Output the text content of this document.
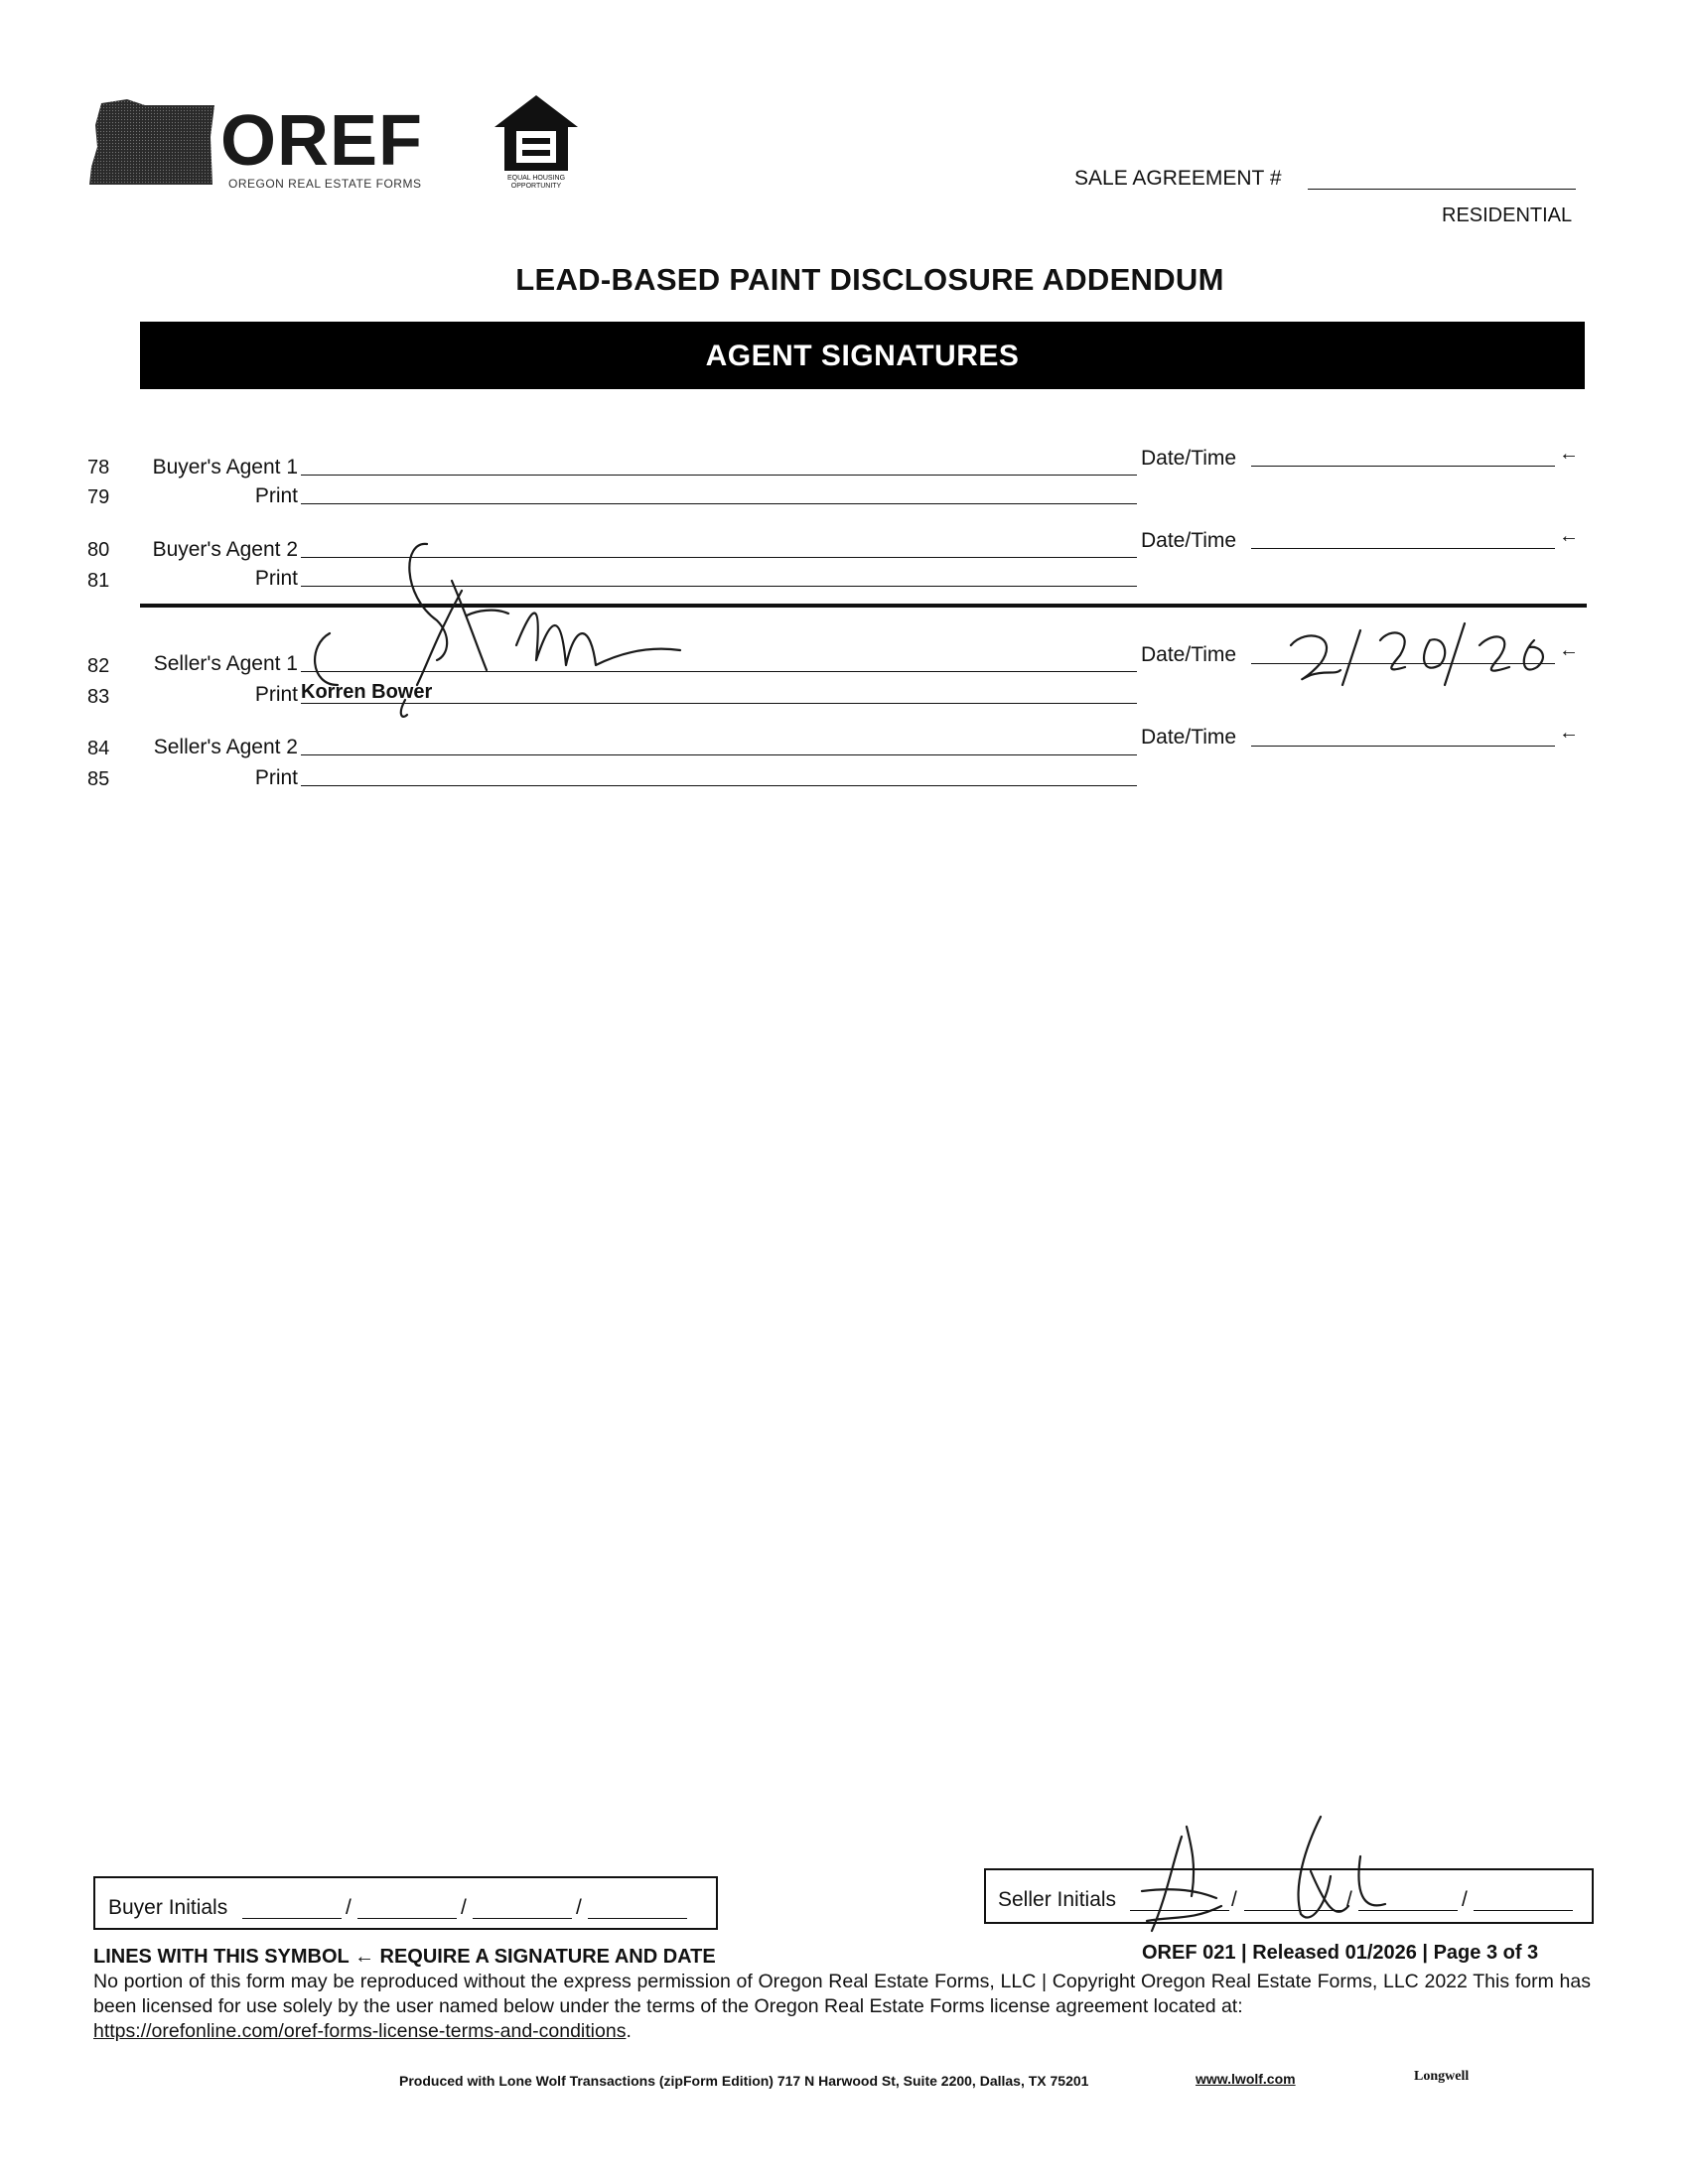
OREF
OREGON REAL ESTATE FORMS	EQUAL HOUSING OPPORTUNITY	SALE AGREEMENT #
RESIDENTIAL
LEAD-BASED PAINT DISCLOSURE ADDENDUM
AGENT SIGNATURES
78	Buyer's Agent 1	Date/Time	←
79	Print
80	Buyer's Agent 2	Date/Time	←
81	Print
82	Seller's Agent 1	Date/Time	←
83	Print Korren Bower
84	Seller's Agent 2	Date/Time	←
85	Print
Buyer Initials	/	/	/	Seller Initials	/	/	/
LINES WITH THIS SYMBOL ← REQUIRE A SIGNATURE AND DATE	OREF 021 | Released 01/2026 | Page 3 of 3
No portion of this form may be reproduced without the express permission of Oregon Real Estate Forms, LLC | Copyright Oregon Real Estate Forms, LLC 2022 This form has been licensed for use solely by the user named below under the terms of the Oregon Real Estate Forms license agreement located at:
https://orefonline.com/oref-forms-license-terms-and-conditions.
Produced with Lone Wolf Transactions (zipForm Edition) 717 N Harwood St, Suite 2200, Dallas, TX 75201	www.lwolf.com	Longwell
